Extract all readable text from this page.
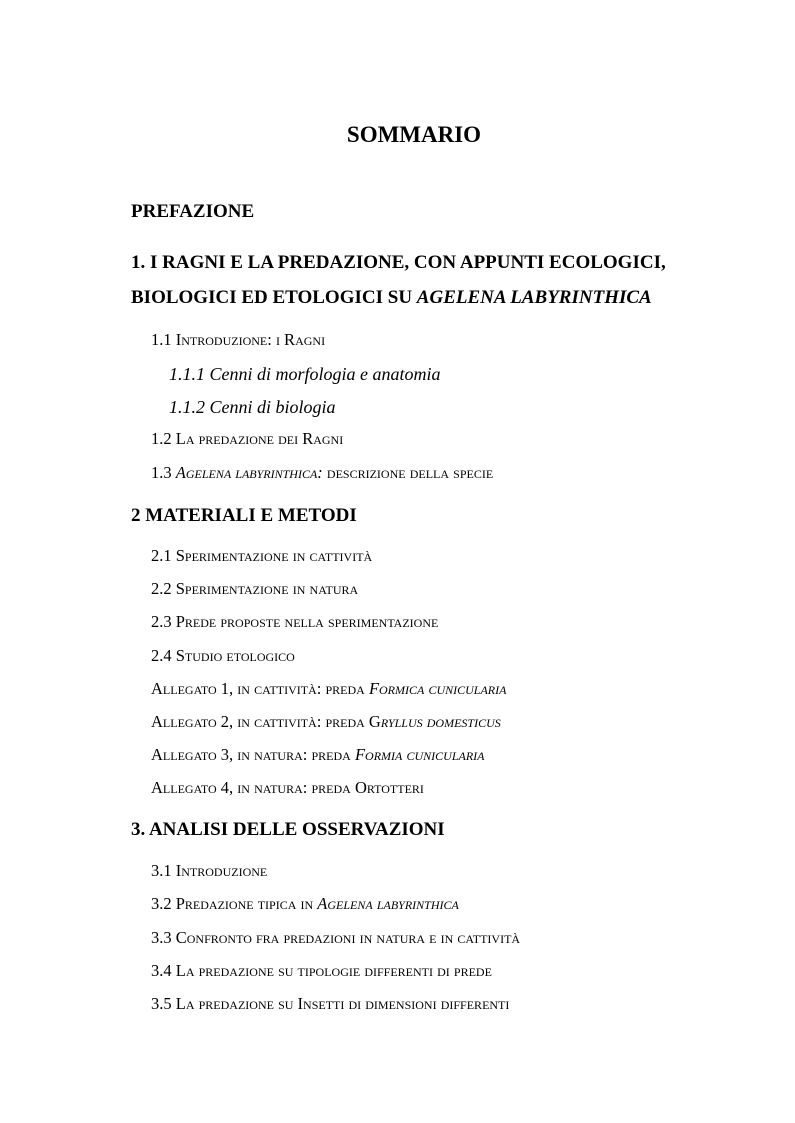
SOMMARIO
PREFAZIONE
1. I RAGNI E LA PREDAZIONE, CON APPUNTI ECOLOGICI,
BIOLOGICI ED ETOLOGICI SU AGELENA LABYRINTHICA
1.1 Introduzione: i Ragni
1.1.1 Cenni di morfologia e anatomia
1.1.2 Cenni di biologia
1.2 La predazione dei Ragni
1.3 Agelena labyrinthica: descrizione della specie
2 MATERIALI E METODI
2.1 Sperimentazione in cattività
2.2 Sperimentazione in natura
2.3 Prede proposte nella sperimentazione
2.4 Studio etologico
Allegato 1, in cattività: preda Formica cunicularia
Allegato 2, in cattività: preda Gryllus domesticus
Allegato 3, in natura: preda Formia cunicularia
Allegato 4, in natura: preda Ortotteri
3. ANALISI DELLE OSSERVAZIONI
3.1 Introduzione
3.2 Predazione tipica in Agelena labyrinthica
3.3 Confronto fra predazioni in natura e in cattività
3.4 La predazione su tipologie differenti di prede
3.5 La predazione su Insetti di dimensioni differenti
